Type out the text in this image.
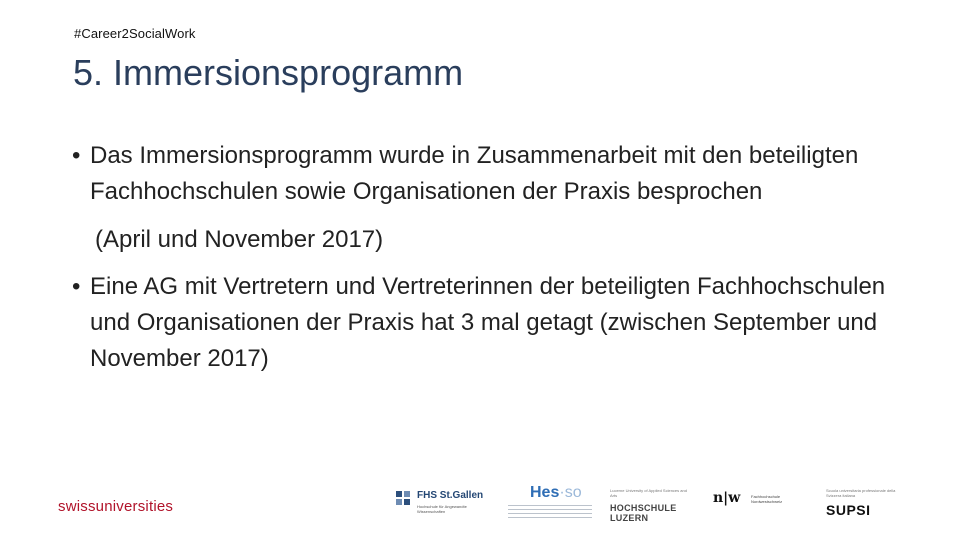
#Career2SocialWork
5. Immersionsprogramm
• Das Immersionsprogramm wurde in Zusammenarbeit mit den beteiligten Fachhochschulen sowie Organisationen der Praxis besprochen
(April und November 2017)
• Eine AG mit Vertretern und Vertreterinnen der beteiligten Fachhochschulen und Organisationen der Praxis hat 3 mal getagt (zwischen September und November 2017)
swissuniversities
FHS St.Gallen
Hochschule für Angewandte Wissenschaften
Hes·so	Lucerne University of Applied Sciences and Arts
HOCHSCHULE
LUZERN
n|w	Fachhochschule Nordwestschweiz
Scuola universitaria professionale della Svizzera italiana
SUPSI
